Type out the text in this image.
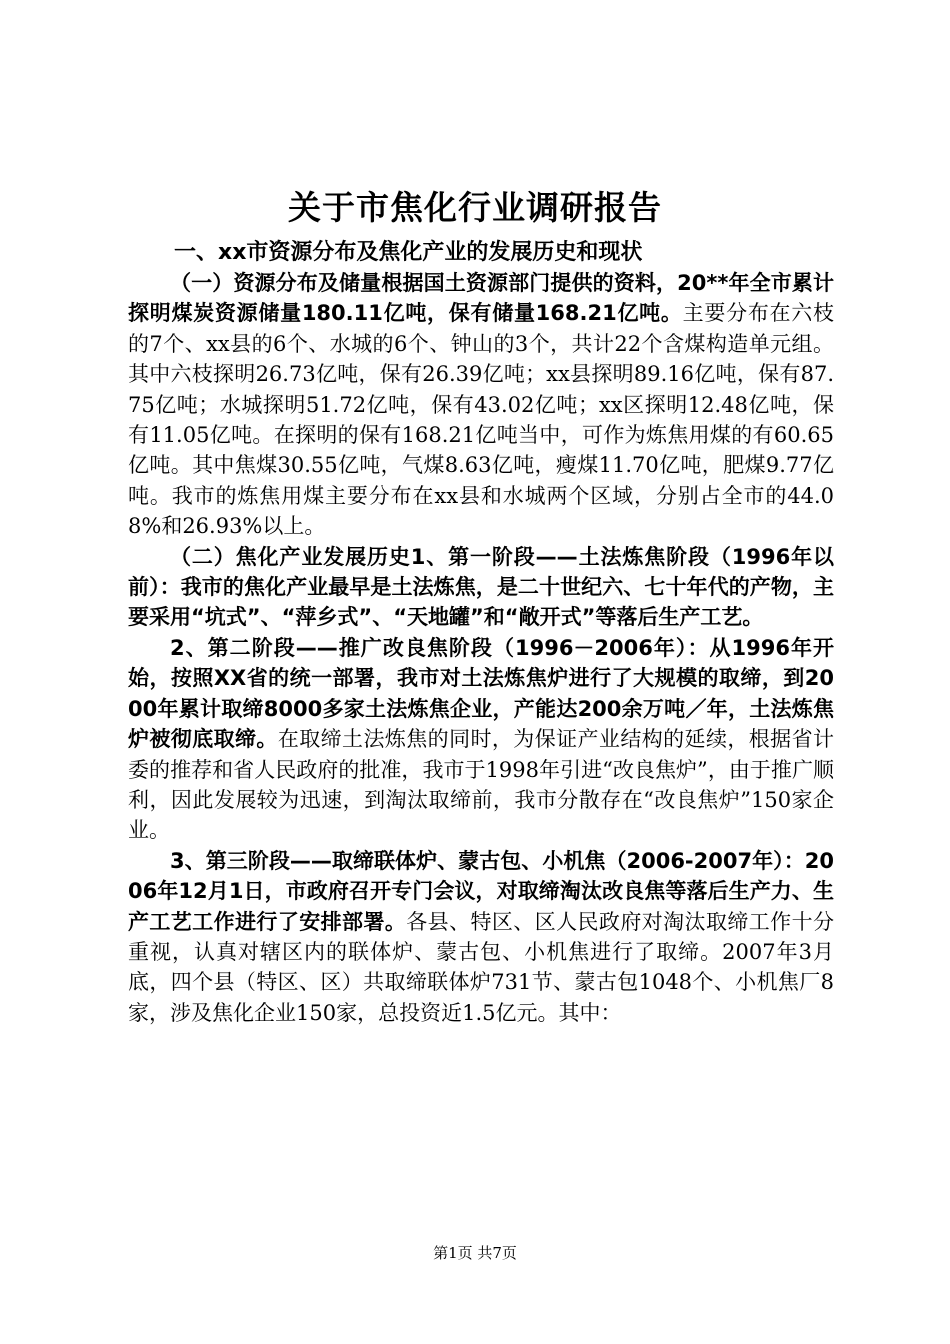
关于市焦化行业调研报告
一、xx市资源分布及焦化产业的发展历史和现状

（一）资源分布及储量根据国土资源部门提供的资料，20**年全市累计探明煤炭资源储量180.11亿吨，保有储量168.21亿吨。主要分布在六枝的7个、xx县的6个、水城的6个、钟山的3个，共计22个含煤构造单元组。其中六枝探明26.73亿吨，保有26.39亿吨；xx县探明89.16亿吨，保有87.75亿吨；水城探明51.72亿吨，保有43.02亿吨；xx区探明12.48亿吨，保有11.05亿吨。在探明的保有168.21亿吨当中，可作为炼焦用煤的有60.65亿吨。其中焦煤30.55亿吨，气煤8.63亿吨，瘦煤11.70亿吨，肥煤9.77亿吨。我市的炼焦用煤主要分布在xx县和水城两个区域，分别占全市的44.08%和26.93%以上。

（二）焦化产业发展历史1、第一阶段——土法炼焦阶段（1996年以前）：我市的焦化产业最早是土法炼焦，是二十世纪六、七十年代的产物，主要采用“坑式”、“萍乡式”、“天地罐”和“敞开式”等落后生产工艺。

2、第二阶段——推广改良焦阶段（1996－2006年）：从1996年开始，按照XX省的统一部署，我市对土法炼焦炉进行了大规模的取缔，到2000年累计取缔8000多家土法炼焦企业，产能达200余万吨／年，土法炼焦炉被彻底取缔。在取缔土法炼焦的同时，为保证产业结构的延续，根据省计委的推荐和省人民政府的批准，我市于1998年引进“改良焦炉”，由于推广顺利，因此发展较为迅速，到淘汰取缔前，我市分散存在“改良焦炉”150家企业。

3、第三阶段——取缔联体炉、蒙古包、小机焦（2006-2007年）：2006年12月1日，市政府召开专门会议，对取缔淘汰改良焦等落后生产力、生产工艺工作进行了安排部署。各县、特区、区人民政府对淘汰取缔工作十分重视，认真对辖区内的联体炉、蒙古包、小机焦进行了取缔。2007年3月底，四个县（特区、区）共取缔联体炉731节、蒙古包1048个、小机焦厂8家，涉及焦化企业150家，总投资近1.5亿元。其中：

第1页 共7页
